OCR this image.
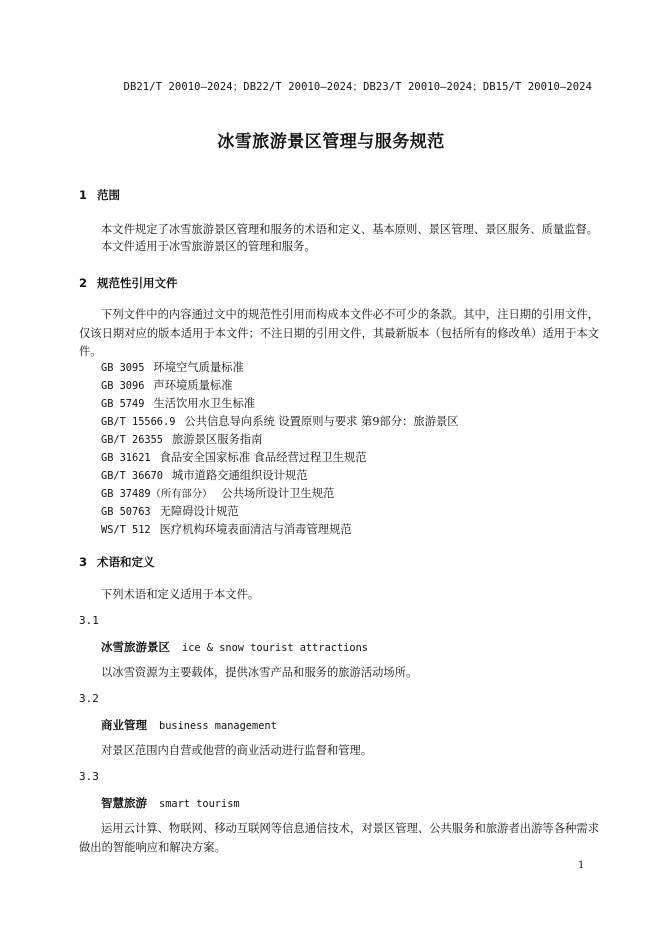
DB21/T 20010—2024；DB22/T 20010—2024；DB23/T 20010—2024；DB15/T 20010—2024
冰雪旅游景区管理与服务规范
1 范围
本文件规定了冰雪旅游景区管理和服务的术语和定义、基本原则、景区管理、景区服务、质量监督。
本文件适用于冰雪旅游景区的管理和服务。
2 规范性引用文件
下列文件中的内容通过文中的规范性引用而构成本文件必不可少的条款。其中，注日期的引用文件，仅该日期对应的版本适用于本文件；不注日期的引用文件，其最新版本（包括所有的修改单）适用于本文件。
GB 3095 环境空气质量标准
GB 3096 声环境质量标准
GB 5749 生活饮用水卫生标准
GB/T 15566.9 公共信息导向系统 设置原则与要求 第9部分：旅游景区
GB/T 26355 旅游景区服务指南
GB 31621 食品安全国家标准 食品经营过程卫生规范
GB/T 36670 城市道路交通组织设计规范
GB 37489（所有部分） 公共场所设计卫生规范
GB 50763 无障碍设计规范
WS/T 512 医疗机构环境表面清洁与消毒管理规范
3 术语和定义
下列术语和定义适用于本文件。
3.1
冰雪旅游景区 ice & snow tourist attractions
以冰雪资源为主要载体，提供冰雪产品和服务的旅游活动场所。
3.2
商业管理 business management
对景区范围内自营或他营的商业活动进行监督和管理。
3.3
智慧旅游 smart tourism
运用云计算、物联网、移动互联网等信息通信技术，对景区管理、公共服务和旅游者出游等各种需求做出的智能响应和解决方案。
1
